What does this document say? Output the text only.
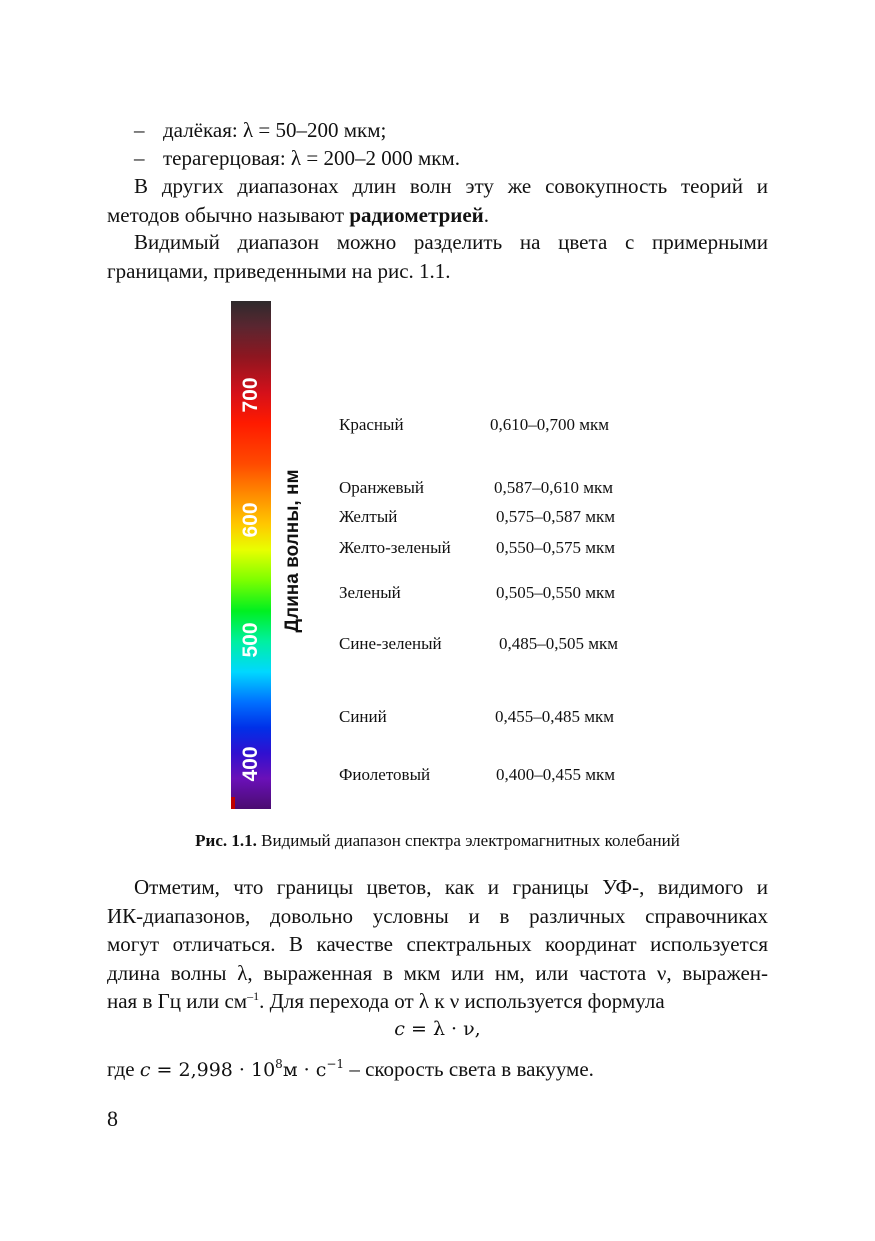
– далёкая: λ = 50–200 мкм;
– терагерцовая: λ = 200–2 000 мкм.
В других диапазонах длин волн эту же совокупность теорий и
методов обычно называют радиометрией.
Видимый диапазон можно разделить на цвета с примерными
границами, приведенными на рис. 1.1.
700
600
500
400
Длина волны, нм
Красный	0,610–0,700 мкм
Оранжевый	0,587–0,610 мкм
Желтый	0,575–0,587 мкм
Желто-зеленый	0,550–0,575 мкм
Зеленый	0,505–0,550 мкм
Сине-зеленый	0,485–0,505 мкм
Синий	0,455–0,485 мкм
Фиолетовый	0,400–0,455 мкм
Рис. 1.1. Видимый диапазон спектра электромагнитных колебаний
Отметим, что границы цветов, как и границы УФ-, видимого и
ИК-диапазонов, довольно условны и в различных справочниках
могут отличаться. В качестве спектральных координат используется
длина волны λ, выраженная в мкм или нм, или частота ν, выражен-
ная в Гц или $см^{-1}$. Для перехода от λ к ν используется формула
c = λ · ν,
где $c = 2,998 \cdot 10^8м \cdot с^{-1}$ – скорость света в вакууме.
8
